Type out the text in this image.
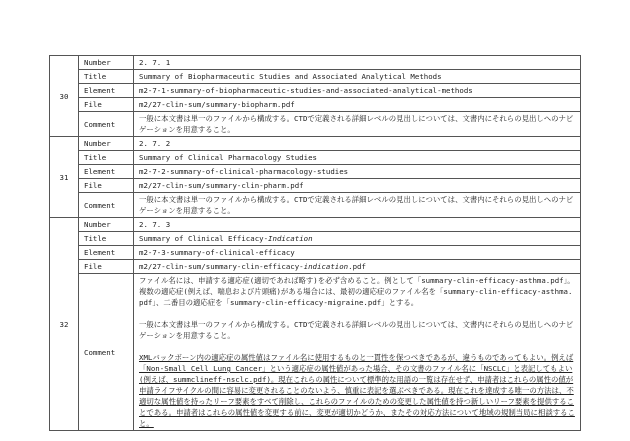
30	Number	2. 7. 1
	Title	Summary of Biopharmaceutic Studies and Associated Analytical Methods
	Element	m2-7-1-summary-of-biopharmaceutic-studies-and-associated-analytical-methods
	File	m2/27-clin-sum/summary-biopharm.pdf
	Comment	一般に本文書は単一のファイルから構成する。CTDで定義される詳細レベルの見出しについては、文書内にそれらの見出しへのナビゲーションを用意すること。
31	Number	2. 7. 2
	Title	Summary of Clinical Pharmacology Studies
	Element	m2-7-2-summary-of-clinical-pharmacology-studies
	File	m2/27-clin-sum/summary-clin-pharm.pdf
	Comment	一般に本文書は単一のファイルから構成する。CTDで定義される詳細レベルの見出しについては、文書内にそれらの見出しへのナビゲーションを用意すること。
32	Number	2. 7. 3
	Title	Summary of Clinical Efficacy-Indication
	Element	m2-7-3-summary-of-clinical-efficacy
	File	m2/27-clin-sum/summary-clin-efficacy-indication.pdf
	Comment	ファイル名には、申請する適応症(適切であれば略す)を必ず含めること。例として「summary-clin-efficacy-asthma.pdf」。複数の適応症(例えば、喘息および片頭痛)がある場合には、最初の適応症のファイル名を「summary-clin-efficacy-asthma.pdf」、二番目の適応症を「summary-clin-efficacy-migraine.pdf」とする。

一般に本文書は単一のファイルから構成する。CTDで定義される詳細レベルの見出しについては、文書内にそれらの見出しへのナビゲーションを用意すること。

XMLバックボーン内の適応症の属性値はファイル名に使用するものと一貫性を保つべきであるが、違うものであってもよい。例えば「Non-Small Cell Lung Cancer」という適応症の属性値があった場合、その文書のファイル名に「NSCLC」と表記してもよい(例えば、summclineff-nsclc.pdf)。現在これらの属性について標準的な用語の一覧は存在せず、申請者はこれらの属性の値が申請ライフサイクルの間に容易に変更されることのないよう、慎重に表記を選ぶべきである。現在これを達成する唯一の方法は、不適切な属性値を持ったリーフ要素をすべて削除し、これらのファイルのための変更した属性値を持つ新しいリーフ要素を提供することである。申請者はこれらの属性値を変更する前に、変更が適切かどうか、またその対応方法について地域の規制当局に相談すること。
